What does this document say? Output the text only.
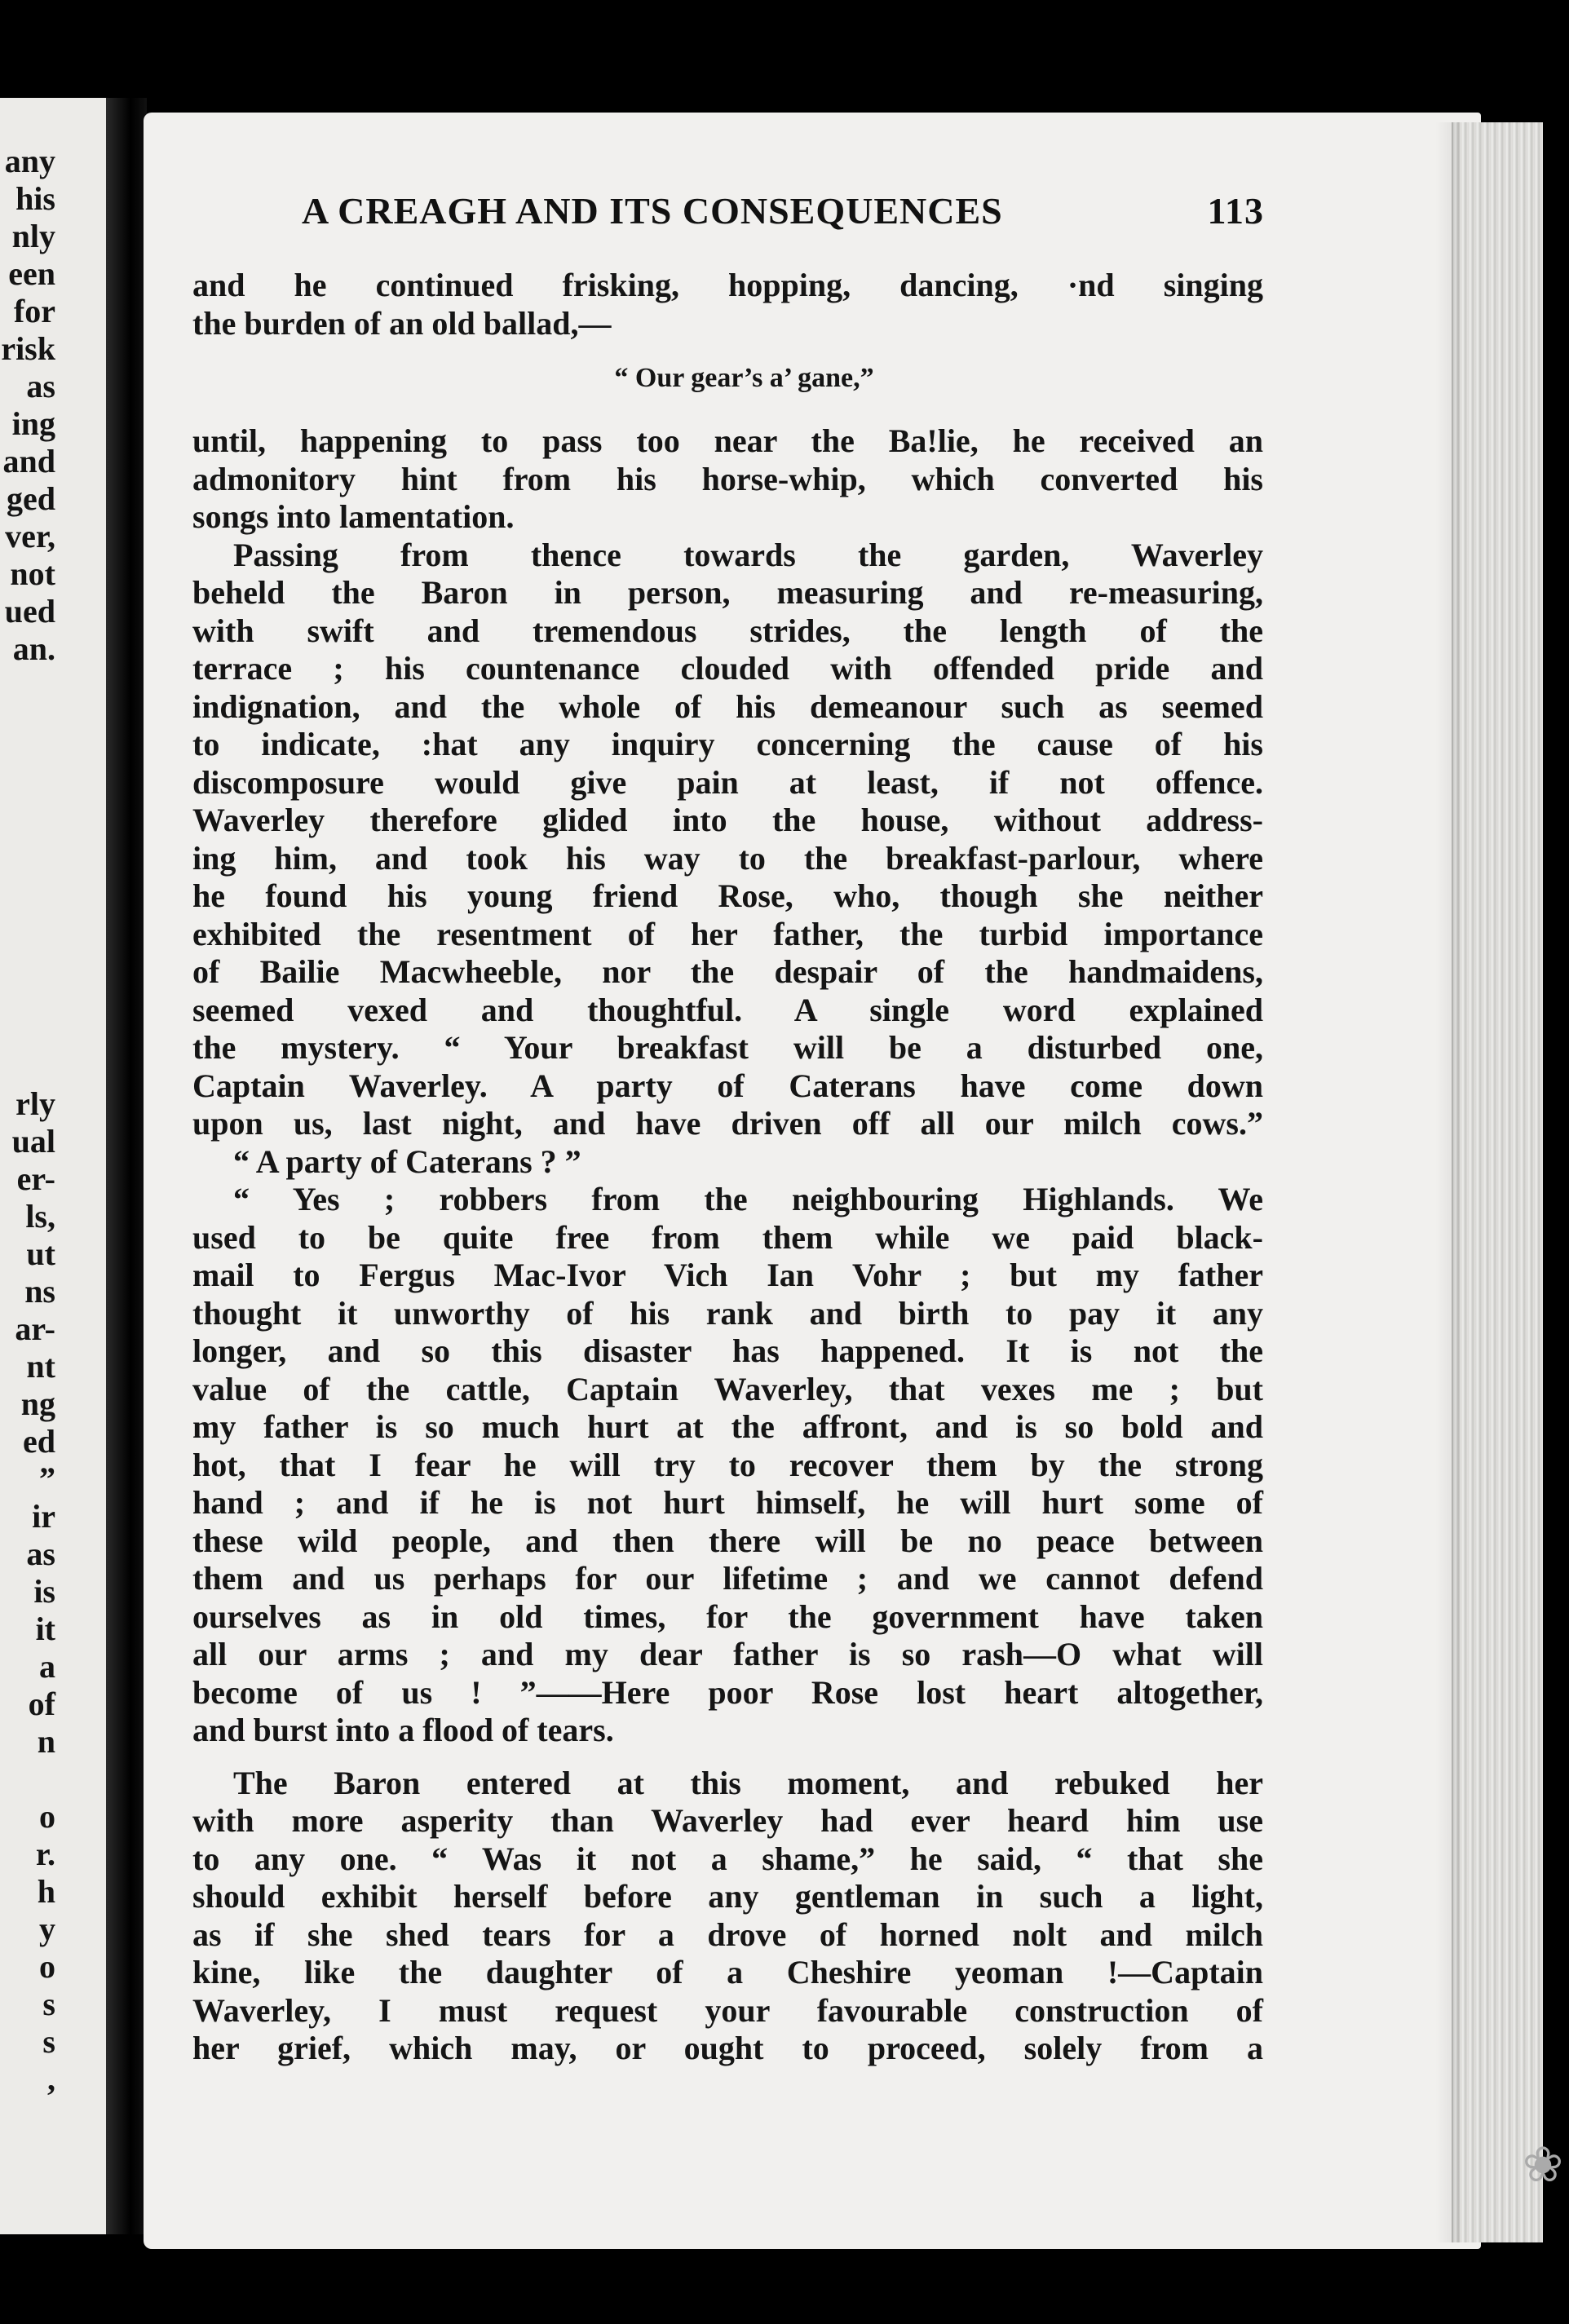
any
his
nly
een
for
risk
as
ing
and
ged
ver,
not
ued
an.
rly
ual
er-
ls,
ut
ns
ar-
nt
ng
ed
”
ir
as
is
it
a
of
n
o
r.
h
y
o
s
s
,
A CREAGH AND ITS CONSEQUENCES	113
and he continued frisking, hopping, dancing, ·nd singing
the burden of an old ballad,—
“ Our gear’s a’ gane,”
until, happening to pass too near the Ba!lie, he received an
admonitory hint from his horse-whip, which converted his
songs into lamentation.
Passing from thence towards the garden, Waverley
beheld the Baron in person, measuring and re-measuring,
with swift and tremendous strides, the length of the
terrace ; his countenance clouded with offended pride and
indignation, and the whole of his demeanour such as seemed
to indicate, :hat any inquiry concerning the cause of his
discomposure would give pain at least, if not offence.
Waverley therefore glided into the house, without address-
ing him, and took his way to the breakfast-parlour, where
he found his young friend Rose, who, though she neither
exhibited the resentment of her father, the turbid importance
of Bailie Macwheeble, nor the despair of the handmaidens,
seemed vexed and thoughtful. A single word explained
the mystery. “ Your breakfast will be a disturbed one,
Captain Waverley. A party of Caterans have come down
upon us, last night, and have driven off all our milch cows.”
“ A party of Caterans ? ”
“ Yes ; robbers from the neighbouring Highlands. We
used to be quite free from them while we paid black-
mail to Fergus Mac-Ivor Vich Ian Vohr ; but my father
thought it unworthy of his rank and birth to pay it any
longer, and so this disaster has happened. It is not the
value of the cattle, Captain Waverley, that vexes me ; but
my father is so much hurt at the affront, and is so bold and
hot, that I fear he will try to recover them by the strong
hand ; and if he is not hurt himself, he will hurt some of
these wild people, and then there will be no peace between
them and us perhaps for our lifetime ; and we cannot defend
ourselves as in old times, for the government have taken
all our arms ; and my dear father is so rash—O what will
become of us ! ”——Here poor Rose lost heart altogether,
and burst into a flood of tears.
The Baron entered at this moment, and rebuked her
with more asperity than Waverley had ever heard him use
to any one. “ Was it not a shame,” he said, “ that she
should exhibit herself before any gentleman in such a light,
as if she shed tears for a drove of horned nolt and milch
kine, like the daughter of a Cheshire yeoman !—Captain
Waverley, I must request your favourable construction of
her grief, which may, or ought to proceed, solely from a
❀
